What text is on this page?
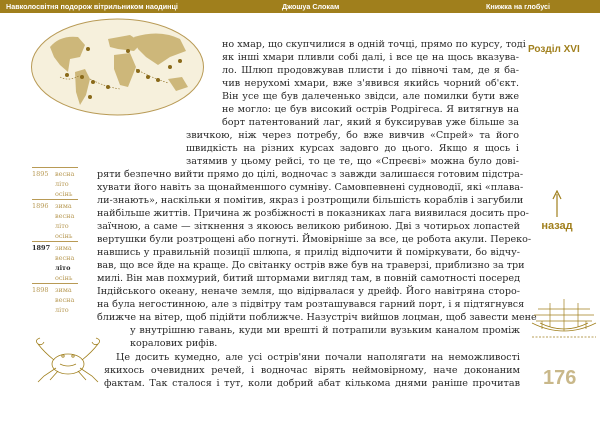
Навколосвітня подорож вітрильником наодинці	Джошуа Слокам	Книжка на глобусі
но хмар, що скупчилися в одній точці, прямо по курсу, тоді
як інші хмари пливли собі далі, і все це на щось вказува-
ло. Шлюп продовжував плисти і до півночі там, де я ба-
чив нерухомі хмари, вже з'явився якийсь чорний об'єкт.
Він усе ще був далеченько звідси, але помилки бути вже
не могло: це був високий острів Родрігеса. Я витягнув на
борт патентований лаг, який я буксирував уже більше за
звичкою, ніж через потребу, бо вже вивчив «Спрей» та його
швидкість на різних курсах задовго до цього. Якщо я щось і
затямив у цьому рейсі, то це те, що «Спреєві» можна було дові-
ряти безпечно вийти прямо до цілі, водночас з завжди залишаєся готовим підстра-
хувати його навіть за щонайменшого сумніву. Самовпевнені судноводії, які «плава-
ли-знають», наскільки я помітив, якраз і розтрощили більшість кораблів і загубили
найбільше життів. Причина ж розбіжності в показниках лага виявилася досить про-
заїчною, а саме — зіткнення з якоюсь великою рибиною. Дві з чотирьох лопастей
вертушки були розтрощені або погнуті. Ймовірніше за все, це робота акули. Переко-
навшись у правильній позиції шлюпа, я прилід відпочити й поміркувати, бо відчу-
вав, що все йде на краще. До світанку острів вже був на траверзі, приблизно за три
милі. Він мав похмурий, битий штормами вигляд там, в повній самотності посеред
Індійського океану, неначе земля, що відірвалася у дрейф. Його навітряна сторо-
на була негостинною, але з підвітру там розташувався гарний порт, і я підтягнувся
ближче на вітер, щоб підійти поближче. Назустріч вийшов лоцман, щоб завести мене
у внутрішню гавань, куди ми врешті й потрапили вузьким каналом проміж
коралових рифів.
Це досить кумедно, але усі острів'яни почали наполягати на неможливості
якихось очевидних речей, і водночас вірять неймовірному, наче доконаним
фактам. Так сталося і тут, коли добрий абат кількома днями раніше прочитав
Розділ XVI
назад
176
1895 весна
літо
осінь
1896 зима
весна
літо
осінь
1897 зима
весна
літо
осінь
1898 зима
весна
літо
